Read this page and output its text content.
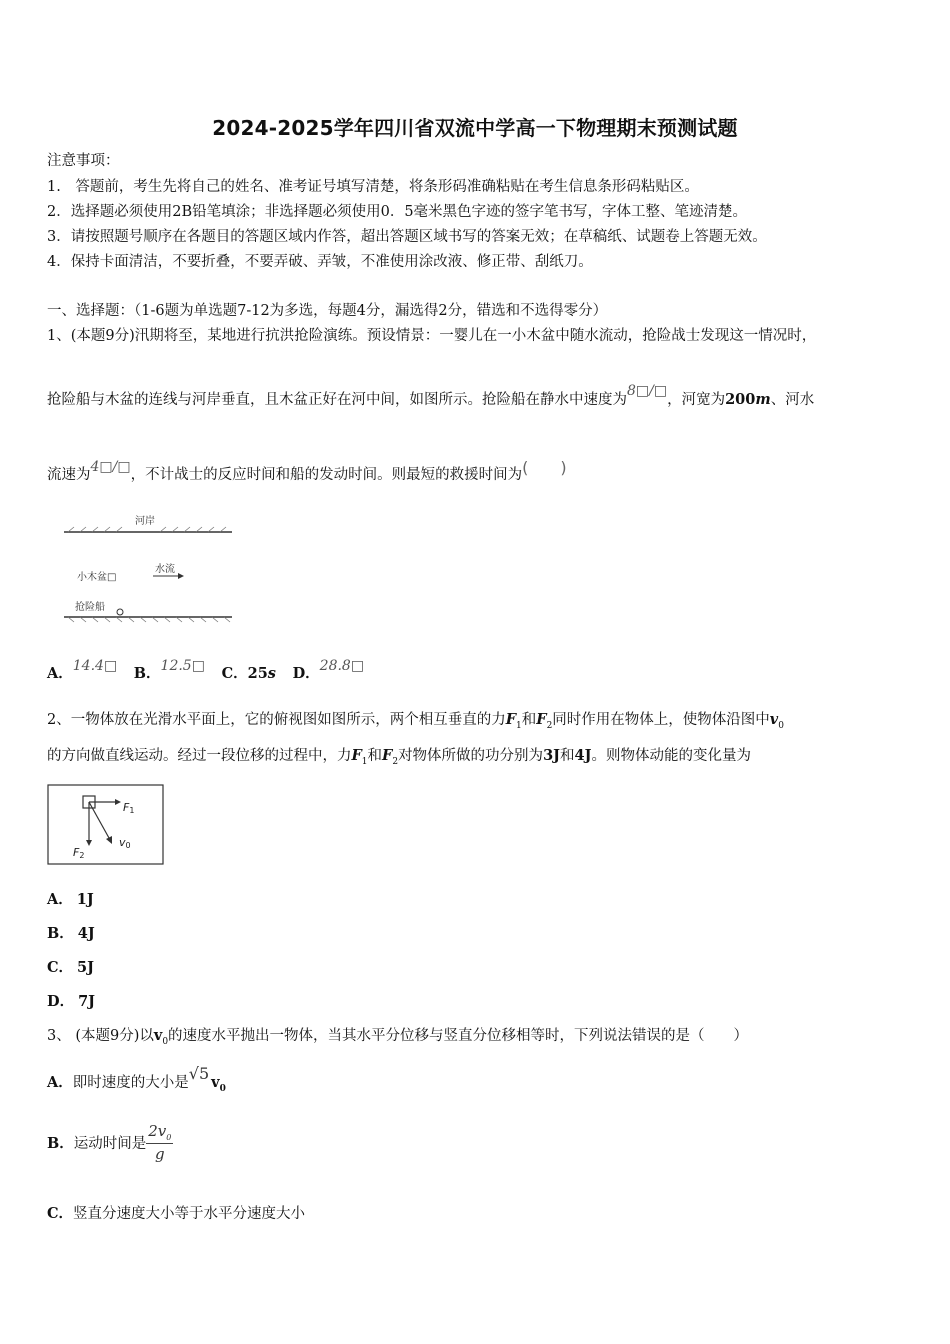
2024-2025学年四川省双流中学高一下物理期末预测试题
注意事项：
1.　答题前，考生先将自己的姓名、准考证号填写清楚，将条形码准确粘贴在考生信息条形码粘贴区。
2．选择题必须使用2B铅笔填涂；非选择题必须使用0．5毫米黑色字迹的签字笔书写，字体工整、笔迹清楚。
3．请按照题号顺序在各题目的答题区域内作答，超出答题区域书写的答案无效；在草稿纸、试题卷上答题无效。
4．保持卡面清洁，不要折叠，不要弄破、弄皱，不准使用涂改液、修正带、刮纸刀。
一、选择题：（1-6题为单选题7-12为多选，每题4分，漏选得2分，错选和不选得零分）
1、(本题9分)汛期将至，某地进行抗洪抢险演练。预设情景：一婴儿在一小木盆中随水流动，抢险战士发现这一情况时，
抢险船与木盆的连线与河岸垂直，且木盆正好在河中间，如图所示。抢险船在静水中速度为8□/□，河宽为200m、河水
流速为4□/□，不计战士的反应时间和船的发动时间。则最短的救援时间为(　　)
河岸
小木盆□
水流
抢险船
A．14.4□ B．12.5□ C．25s D．28.8□
2、一物体放在光滑水平面上，它的俯视图如图所示，两个相互垂直的力$F_1$和$F_2$同时作用在物体上，使物体沿图中$v_0$
的方向做直线运动。经过一段位移的过程中，力$F_1$和$F_2$对物体所做的功分别为3J和4J。则物体动能的变化量为
F1
F2
v0
A． 1J
B． 4J
C． 5J
D． 7J
3、 (本题9分)以$v_0$的速度水平抛出一物体，当其水平分位移与竖直分位移相等时，下列说法错误的是（　　）
A．即时速度的大小是√5 $v_0$
B．运动时间是 $\frac{2v_0}{g}$
C．竖直分速度大小等于水平分速度大小
